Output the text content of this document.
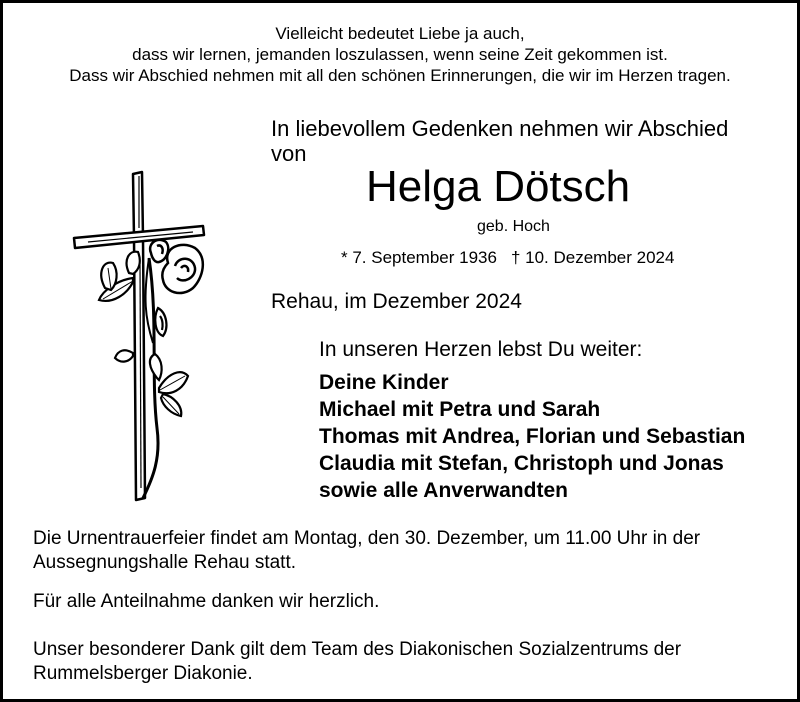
Vielleicht bedeutet Liebe ja auch,
dass wir lernen, jemanden loszulassen, wenn seine Zeit gekommen ist.
Dass wir Abschied nehmen mit all den schönen Erinnerungen, die wir im Herzen tragen.
In liebevollem Gedenken nehmen wir Abschied
von
Helga Dötsch
geb. Hoch
* 7. September 1936 † 10. Dezember 2024
Rehau, im Dezember 2024
In unseren Herzen lebst Du weiter:
Deine Kinder
Michael mit Petra und Sarah
Thomas mit Andrea, Florian und Sebastian
Claudia mit Stefan, Christoph und Jonas
sowie alle Anverwandten
Die Urnentrauerfeier findet am Montag, den 30. Dezember, um 11.00 Uhr in der
Aussegnungshalle Rehau statt.
Für alle Anteilnahme danken wir herzlich.
Unser besonderer Dank gilt dem Team des Diakonischen Sozialzentrums der
Rummelsberger Diakonie.
